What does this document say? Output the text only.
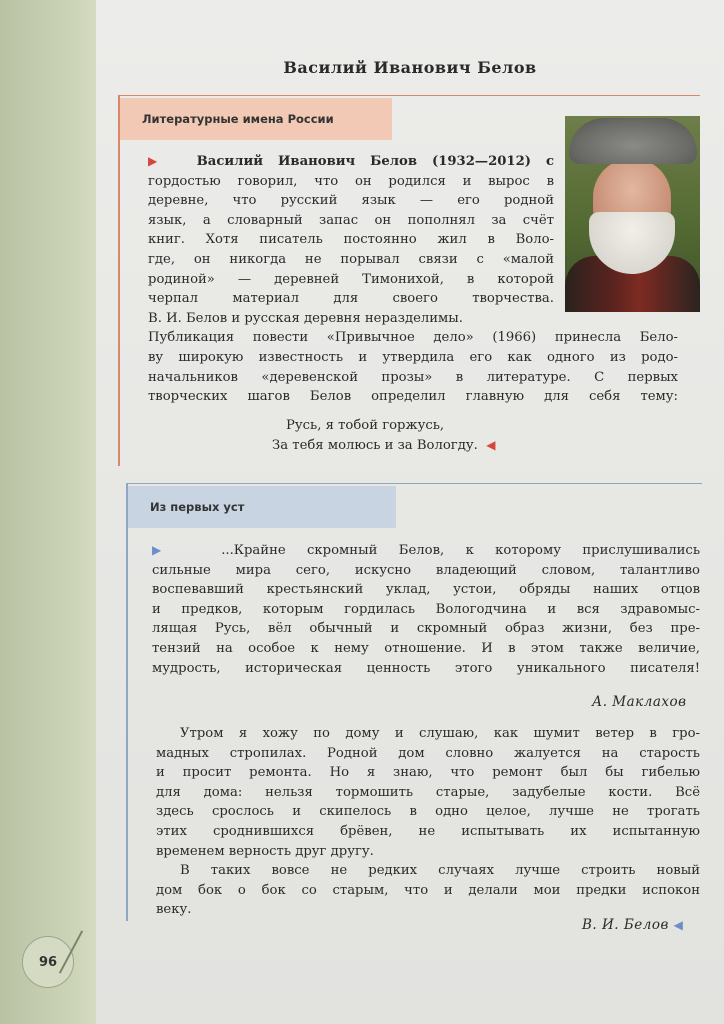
Василий Иванович Белов
Литературные имена России
▶ Василий Иванович Белов (1932—2012) с
гордостью говорил, что он родился и вырос в
деревне, что русский язык — его родной
язык, а словарный запас он пополнял за счёт
книг. Хотя писатель постоянно жил в Воло-
где, он никогда не порывал связи с «малой
родиной» — деревней Тимонихой, в которой
черпал материал для своего творчества.
В. И. Белов и русская деревня неразделимы.
Публикация повести «Привычное дело» (1966) принесла Бело-
ву широкую известность и утвердила его как одного из родо-
начальников «деревенской прозы» в литературе. С первых
творческих шагов Белов определил главную для себя тему:
Русь, я тобой горжусь,
За тебя молюсь и за Вологду. ◀
Из первых уст
▶	...Крайне скромный Белов, к которому прислушивались
сильные мира сего, искусно владеющий словом, талантливо
воспевавший крестьянский уклад, устои, обряды наших отцов
и предков, которым гордилась Вологодчина и вся здравомыс-
лящая Русь, вёл обычный и скромный образ жизни, без пре-
тензий на особое к нему отношение. И в этом также величие,
мудрость, историческая ценность этого уникального писателя!
А. Маклахов
Утром я хожу по дому и слушаю, как шумит ветер в гро-
мадных стропилах. Родной дом словно жалуется на старость
и просит ремонта. Но я знаю, что ремонт был бы гибелью
для дома: нельзя тормошить старые, задубелые кости. Всё
здесь срослось и скипелось в одно целое, лучше не трогать
этих сроднившихся брёвен, не испытывать их испытанную
временем верность друг другу.
В таких вовсе не редких случаях лучше строить новый
дом бок о бок со старым, что и делали мои предки испокон
веку.
В. И. Белов ◀
96
